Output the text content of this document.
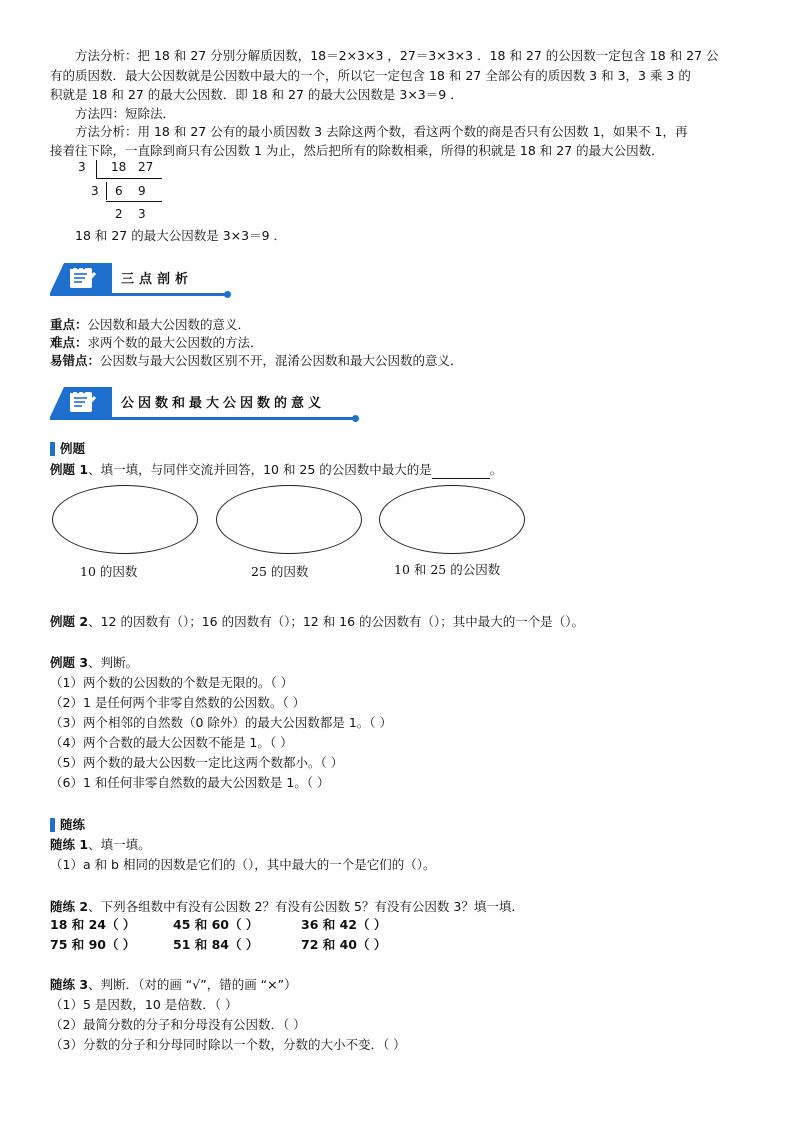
方法分析：把 18 和 27 分别分解质因数，18＝2×3×3 ，27＝3×3×3 ．18 和 27 的公因数一定包含 18 和 27 公
有的质因数．最大公因数就是公因数中最大的一个，所以它一定包含 18 和 27 全部公有的质因数 3 和 3，3 乘 3 的
积就是 18 和 27 的最大公因数．即 18 和 27 的最大公因数是 3×3＝9 ．
方法四：短除法．
方法分析：用 18 和 27 公有的最小质因数 3 去除这两个数，看这两个数的商是否只有公因数 1，如果不 1，再
接着往下除，一直除到商只有公因数 1 为止，然后把所有的除数相乘，所得的积就是 18 和 27 的最大公因数．
3 18 27
3 6 9
2 3
18 和 27 的最大公因数是 3×3＝9 ．
三点剖析
重点：公因数和最大公因数的意义．
难点：求两个数的最大公因数的方法．
易错点：公因数与最大公因数区别不开，混淆公因数和最大公因数的意义．
公因数和最大公因数的意义
例题
例题 1、填一填，与同伴交流并回答，10 和 25 的公因数中最大的是	。
10 的因数	25 的因数	10 和 25 的公因数
例题 2、12 的因数有（）；16 的因数有（）；12 和 16 的公因数有（）；其中最大的一个是（）。
例题 3、判断。
（1）两个数的公因数的个数是无限的。（ ）
（2）1 是任何两个非零自然数的公因数。（ ）
（3）两个相邻的自然数（0 除外）的最大公因数都是 1。（ ）
（4）两个合数的最大公因数不能是 1。（ ）
（5）两个数的最大公因数一定比这两个数都小。（ ）
（6）1 和任何非零自然数的最大公因数是 1。（ ）
随练
随练 1、填一填。
（1）a 和 b 相同的因数是它们的（），其中最大的一个是它们的（）。
随练 2、下列各组数中有没有公因数 2？有没有公因数 5？有没有公因数 3？填一填．
18 和 24（ ）	45 和 60（ ）	36 和 42（ ）
75 和 90（ ）	51 和 84（ ）	72 和 40（ ）
随练 3、判断．（对的画 “√”，错的画 “×”）
（1）5 是因数，10 是倍数．（ ）
（2）最简分数的分子和分母没有公因数．（ ）
（3）分数的分子和分母同时除以一个数，分数的大小不变．（ ）
